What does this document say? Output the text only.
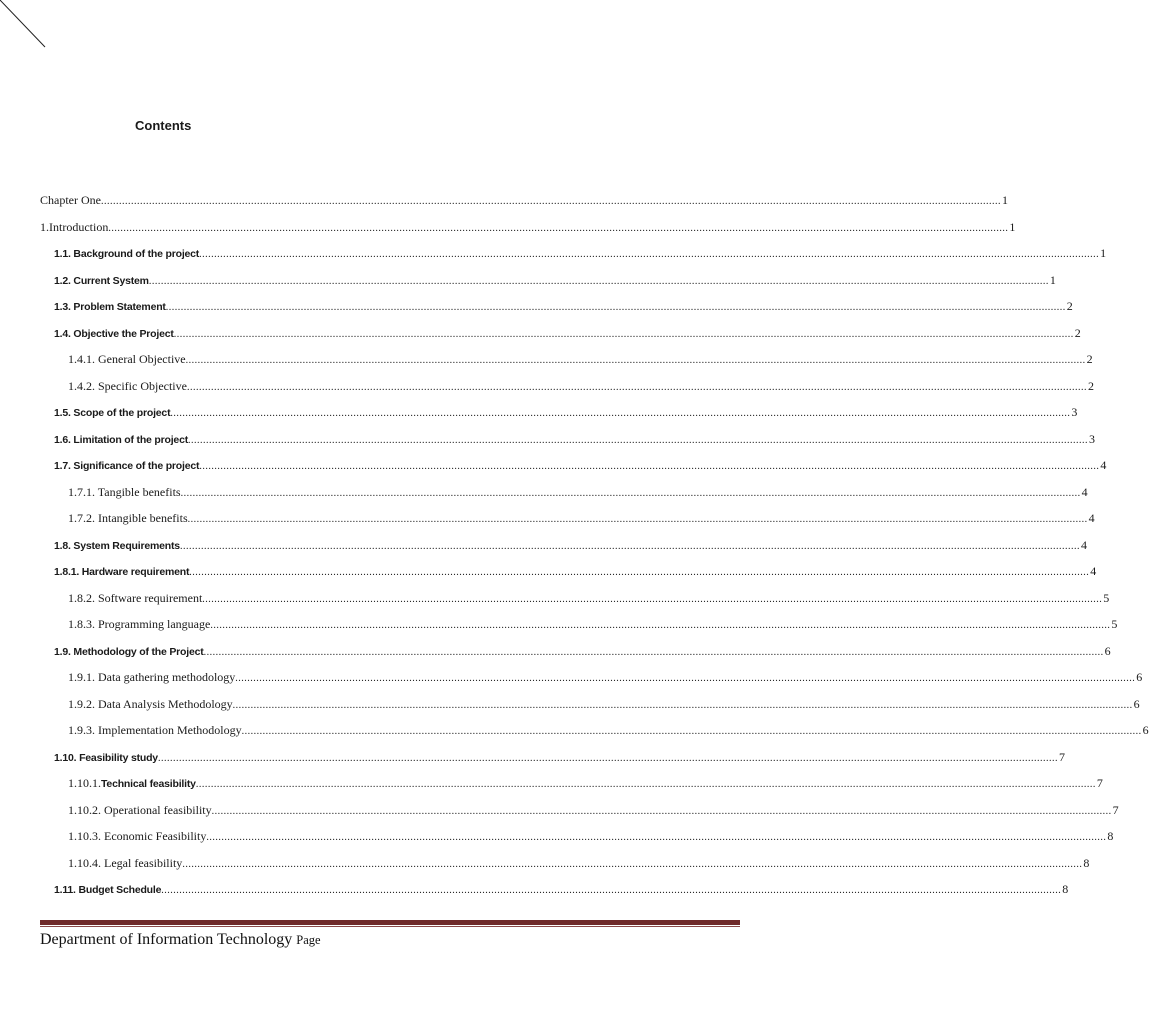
Contents
Chapter One ............................................................................................................................................................................................................................................................................................................ 1
1.Introduction ............................................................................................................................................................................................................................................................................................................ 1
1.1. Background of the project ............................................................................................................................................................................................................................................................................................................ 1
1.2. Current System ............................................................................................................................................................................................................................................................................................................ 1
1.3. Problem Statement ............................................................................................................................................................................................................................................................................................................ 2
1.4. Objective the Project ............................................................................................................................................................................................................................................................................................................ 2
1.4.1. General Objective ............................................................................................................................................................................................................................................................................................................ 2
1.4.2. Specific Objective ............................................................................................................................................................................................................................................................................................................ 2
1.5. Scope of the project ............................................................................................................................................................................................................................................................................................................ 3
1.6. Limitation of the project ............................................................................................................................................................................................................................................................................................................ 3
1.7. Significance of the project ............................................................................................................................................................................................................................................................................................................ 4
1.7.1. Tangible benefits ............................................................................................................................................................................................................................................................................................................ 4
1.7.2. Intangible benefits ............................................................................................................................................................................................................................................................................................................ 4
1.8. System Requirements ............................................................................................................................................................................................................................................................................................................ 4
1.8.1. Hardware requirement ............................................................................................................................................................................................................................................................................................................ 4
1.8.2. Software requirement ............................................................................................................................................................................................................................................................................................................ 5
1.8.3. Programming language ............................................................................................................................................................................................................................................................................................................ 5
1.9. Methodology of the Project ............................................................................................................................................................................................................................................................................................................ 6
1.9.1. Data gathering methodology ............................................................................................................................................................................................................................................................................................................ 6
1.9.2. Data Analysis Methodology ............................................................................................................................................................................................................................................................................................................ 6
1.9.3. Implementation Methodology ............................................................................................................................................................................................................................................................................................................ 6
1.10. Feasibility study ............................................................................................................................................................................................................................................................................................................ 7
1.10.1. Technical feasibility ............................................................................................................................................................................................................................................................................................................ 7
1.10.2. Operational feasibility ............................................................................................................................................................................................................................................................................................................ 7
1.10.3. Economic Feasibility ............................................................................................................................................................................................................................................................................................................ 8
1.10.4. Legal feasibility ............................................................................................................................................................................................................................................................................................................ 8
1.11. Budget Schedule ............................................................................................................................................................................................................................................................................................................ 8
Department of Information Technology Page
